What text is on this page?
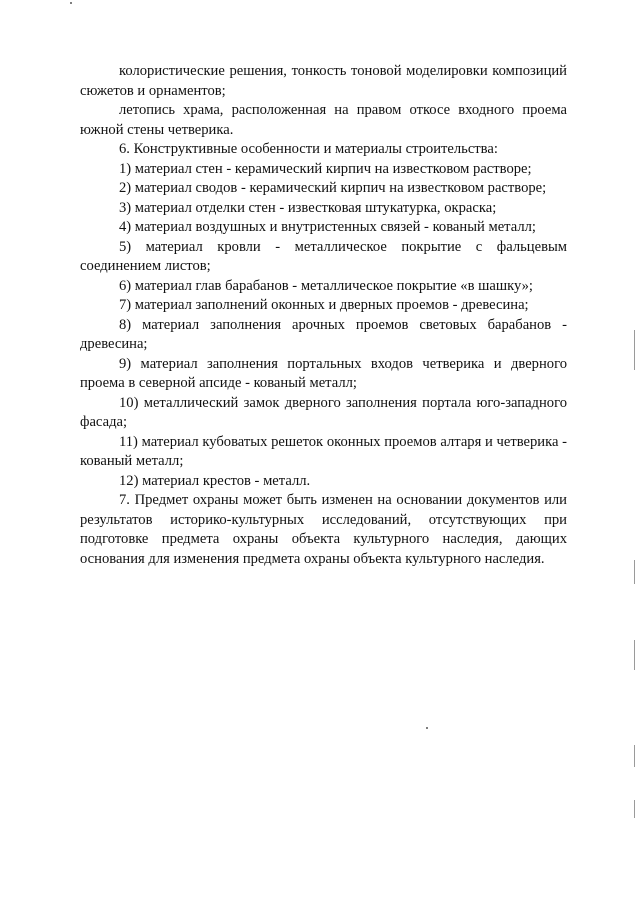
колористические решения, тонкость тоновой моделировки композиций сюжетов и орнаментов;

летопись храма, расположенная на правом откосе входного проема южной стены четверика.

6. Конструктивные особенности и материалы строительства:

1) материал стен - керамический кирпич на известковом растворе;

2) материал сводов - керамический кирпич на известковом растворе;

3) материал отделки стен - известковая штукатурка, окраска;

4) материал воздушных и внутристенных связей - кованый металл;

5) материал кровли - металлическое покрытие с фальцевым соединением листов;

6) материал глав барабанов - металлическое покрытие «в шашку»;

7) материал заполнений оконных и дверных проемов - древесина;

8) материал заполнения арочных проемов световых барабанов - древесина;

9) материал заполнения портальных входов четверика и дверного проема в северной апсиде - кованый металл;

10) металлический замок дверного заполнения портала юго-западного фасада;

11) материал кубоватых решеток оконных проемов алтаря и четверика - кованый металл;

12) материал крестов - металл.

7. Предмет охраны может быть изменен на основании документов или результатов историко-культурных исследований, отсутствующих при подготовке предмета охраны объекта культурного наследия, дающих основания для изменения предмета охраны объекта культурного наследия.
